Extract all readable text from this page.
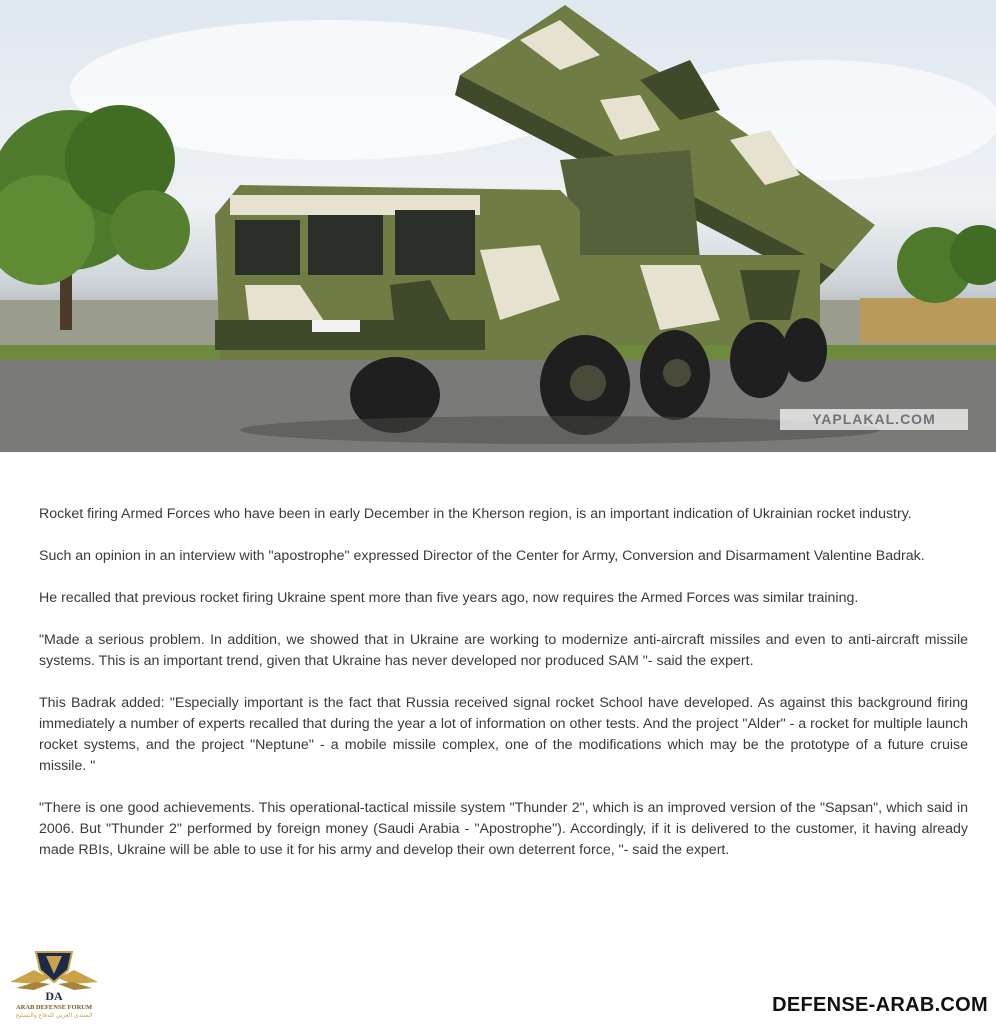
YAPLAKAL.COM

Rocket firing Armed Forces who have been in early December in the Kherson region, is an important indication of Ukrainian rocket industry.

Such an opinion in an interview with "apostrophe" expressed Director of the Center for Army, Conversion and Disarmament Valentine Badrak.

He recalled that previous rocket firing Ukraine spent more than five years ago, now requires the Armed Forces was similar training.

"Made a serious problem. In addition, we showed that in Ukraine are working to modernize anti-aircraft missiles and even to anti-aircraft missile systems. This is an important trend, given that Ukraine has never developed nor produced SAM "- said the expert.

This Badrak added: "Especially important is the fact that Russia received signal rocket School have developed. As against this background firing immediately a number of experts recalled that during the year a lot of information on other tests. And the project "Alder" - a rocket for multiple launch rocket systems, and the project "Neptune" - a mobile missile complex, one of the modifications which may be the prototype of a future cruise missile. "

"There is one good achievements. This operational-tactical missile system "Thunder 2", which is an improved version of the "Sapsan", which said in 2006. But "Thunder 2" performed by foreign money (Saudi Arabia - "Apostrophe"). Accordingly, if it is delivered to the customer, it having already made RBIs, Ukraine will be able to use it for his army and develop their own deterrent force, "- said the expert.

DA
ARAB DEFENSE FORUM
المنتدى العربي للدفاع والتسليح	DEFENSE-ARAB.COM
